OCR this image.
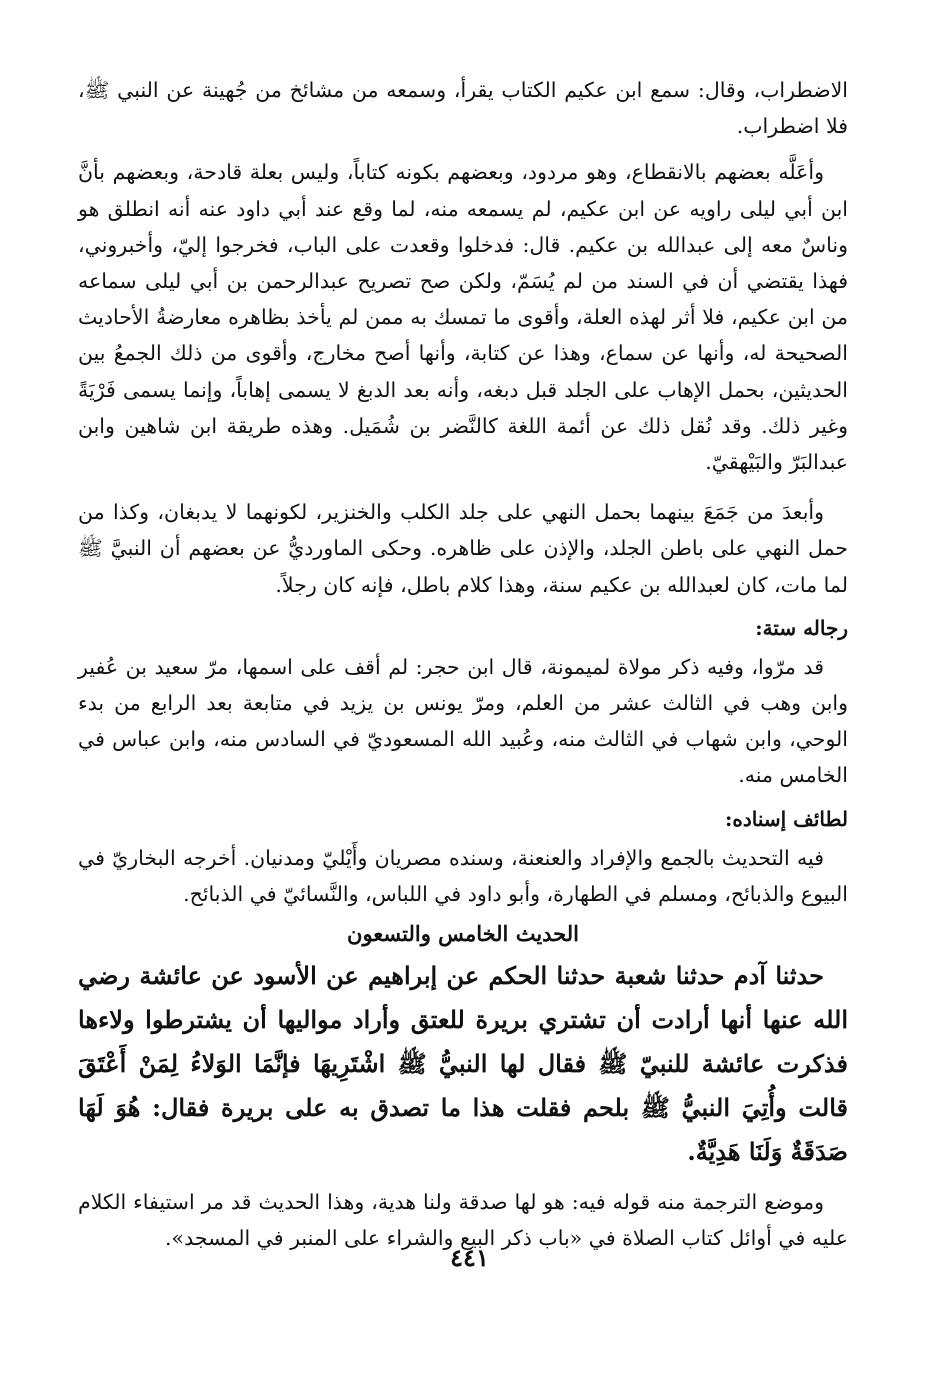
الاضطراب، وقال: سمع ابن عكيم الكتاب يقرأ، وسمعه من مشائخ من جُهينة عن النبي ﷺ، فلا اضطراب.

وأعَلَّه بعضهم بالانقطاع، وهو مردود، وبعضهم بكونه كتاباً، وليس بعلة قادحة، وبعضهم بأنَّ ابن أبي ليلى راويه عن ابن عكيم، لم يسمعه منه، لما وقع عند أبي داود عنه أنه انطلق هو وناسٌ معه إلى عبدالله بن عكيم. قال: فدخلوا وقعدت على الباب، فخرجوا إليّ، وأخبروني، فهذا يقتضي أن في السند من لم يُسَمّ، ولكن صح تصريح عبدالرحمن بن أبي ليلى سماعه من ابن عكيم، فلا أثر لهذه العلة، وأقوى ما تمسك به ممن لم يأخذ بظاهره معارضةُ الأحاديث الصحيحة له، وأنها عن سماع، وهذا عن كتابة، وأنها أصح مخارج، وأقوى من ذلك الجمعُ بين الحديثين، بحمل الإهاب على الجلد قبل دبغه، وأنه بعد الدبغ لا يسمى إهاباً، وإنما يسمى فَرْيَةً وغير ذلك. وقد نُقل ذلك عن أئمة اللغة كالنَّضر بن شُمَيل. وهذه طريقة ابن شاهين وابن عبدالبَرّ والبَيْهقيّ.

وأبعدَ من جَمَعَ بينهما بحمل النهي على جلد الكلب والخنزير، لكونهما لا يدبغان، وكذا من حمل النهي على باطن الجلد، والإذن على ظاهره. وحكى الماورديُّ عن بعضهم أن النبيَّ ﷺ لما مات، كان لعبدالله بن عكيم سنة، وهذا كلام باطل، فإنه كان رجلاً.

رجاله ستة:

قد مرّوا، وفيه ذكر مولاة لميمونة، قال ابن حجر: لم أقف على اسمها، مرّ سعيد بن عُفير وابن وهب في الثالث عشر من العلم، ومرّ يونس بن يزيد في متابعة بعد الرابع من بدء الوحي، وابن شهاب في الثالث منه، وعُبيد الله المسعوديّ في السادس منه، وابن عباس في الخامس منه.

لطائف إسناده:

فيه التحديث بالجمع والإفراد والعنعنة، وسنده مصريان وأَيْليّ ومدنيان. أخرجه البخاريّ في البيوع والذبائح، ومسلم في الطهارة، وأبو داود في اللباس، والنَّسائيّ في الذبائح.

الحديث الخامس والتسعون

حدثنا آدم حدثنا شعبة حدثنا الحكم عن إبراهيم عن الأسود عن عائشة رضي الله عنها أنها أرادت أن تشتري بريرة للعتق وأراد مواليها أن يشترطوا ولاءها فذكرت عائشة للنبيّ ﷺ فقال لها النبيُّ ﷺ اشْتَرِيهَا فإنَّمَا الوَلاءُ لِمَنْ أَعْتَقَ قالت وأُتِيَ النبيُّ ﷺ بلحم فقلت هذا ما تصدق به على بريرة فقال: هُوَ لَهَا صَدَقَةٌ وَلَنَا هَدِيَّةٌ.

وموضع الترجمة منه قوله فيه: هو لها صدقة ولنا هدية، وهذا الحديث قد مر استيفاء الكلام عليه في أوائل كتاب الصلاة في «باب ذكر البيع والشراء على المنبر في المسجد».

٤٤١
